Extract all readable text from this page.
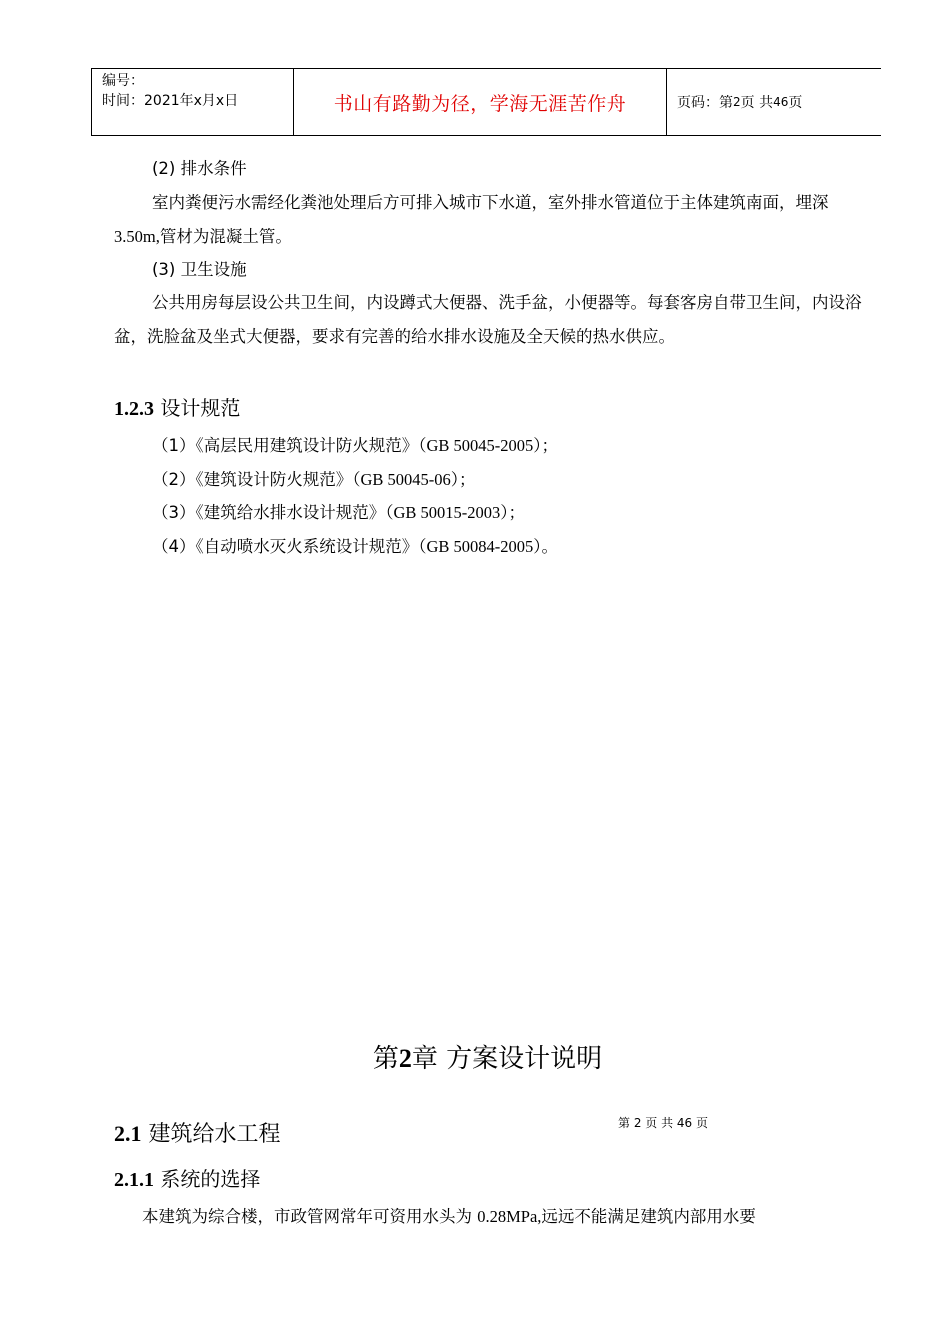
编号：
时间：2021年x月x日	书山有路勤为径，学海无涯苦作舟	页码：第 2 页 共 46 页
(2) 排水条件
室内粪便污水需经化粪池处理后方可排入城市下水道，室外排水管道位于主体建筑南面，埋深3.50m,管材为混凝土管。
(3) 卫生设施
公共用房每层设公共卫生间，内设蹲式大便器、洗手盆，小便器等。每套客房自带卫生间，内设浴盆，洗脸盆及坐式大便器，要求有完善的给水排水设施及全天候的热水供应。
1.2.3 设计规范
（1）《高层民用建筑设计防火规范》（GB 50045-2005）；
（2）《建筑设计防火规范》（GB 50045-06）；
（3）《建筑给水排水设计规范》（GB 50015-2003）；
（4）《自动喷水灭火系统设计规范》（GB 50084-2005）。
第2章 方案设计说明
2.1 建筑给水工程	第 2 页 共 46 页
2.1.1 系统的选择
本建筑为综合楼，市政管网常年可资用水头为 0.28MPa,远远不能满足建筑内部用水要
